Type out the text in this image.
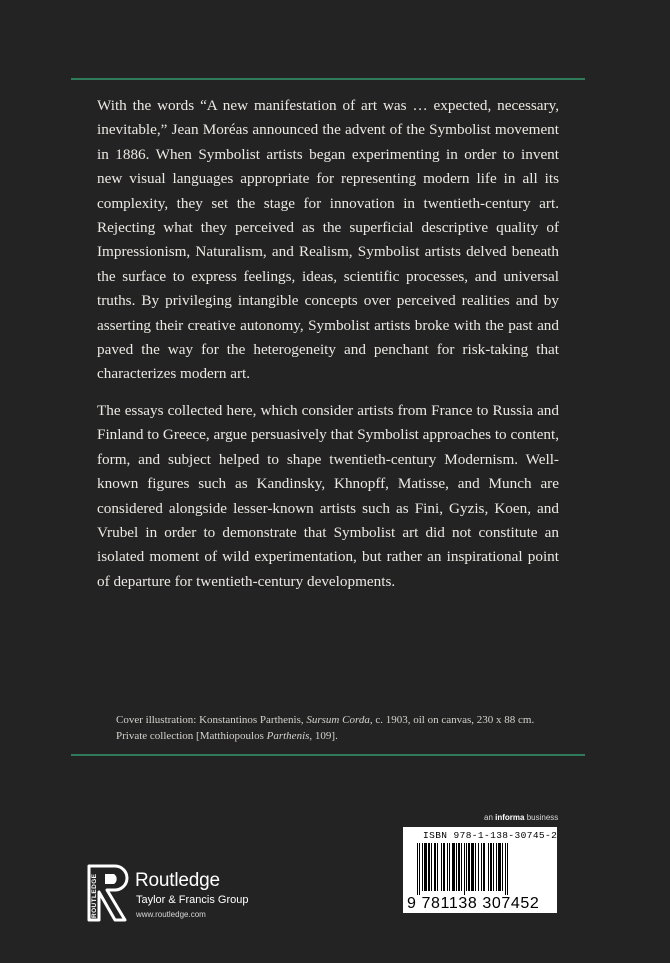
With the words “A new manifestation of art was … expected, necessary, inevitable,” Jean Moréas announced the advent of the Symbolist movement in 1886. When Symbolist artists began experimenting in order to invent new visual languages appropriate for representing modern life in all its complexity, they set the stage for innovation in twentieth-century art. Rejecting what they perceived as the superficial descriptive quality of Impressionism, Naturalism, and Realism, Symbolist artists delved beneath the surface to express feelings, ideas, scientific processes, and universal truths. By privileging intangible concepts over perceived realities and by asserting their creative autonomy, Symbolist artists broke with the past and paved the way for the heterogeneity and penchant for risk-taking that characterizes modern art.

The essays collected here, which consider artists from France to Russia and Finland to Greece, argue persuasively that Symbolist approaches to content, form, and subject helped to shape twentieth-century Modernism. Well-known figures such as Kandinsky, Khnopff, Matisse, and Munch are considered alongside lesser-known artists such as Fini, Gyzis, Koen, and Vrubel in order to demonstrate that Symbolist art did not constitute an isolated moment of wild experimentation, but rather an inspirational point of departure for twentieth-century developments.

Cover illustration: Konstantinos Parthenis, Sursum Corda, c. 1903, oil on canvas, 230 x 88 cm. Private collection [Matthiopoulos Parthenis, 109].
an informa business
ISBN 978-1-138-30745-2
9 781138 307452
ROUTLEDGE Routledge
Taylor & Francis Group
www.routledge.com
